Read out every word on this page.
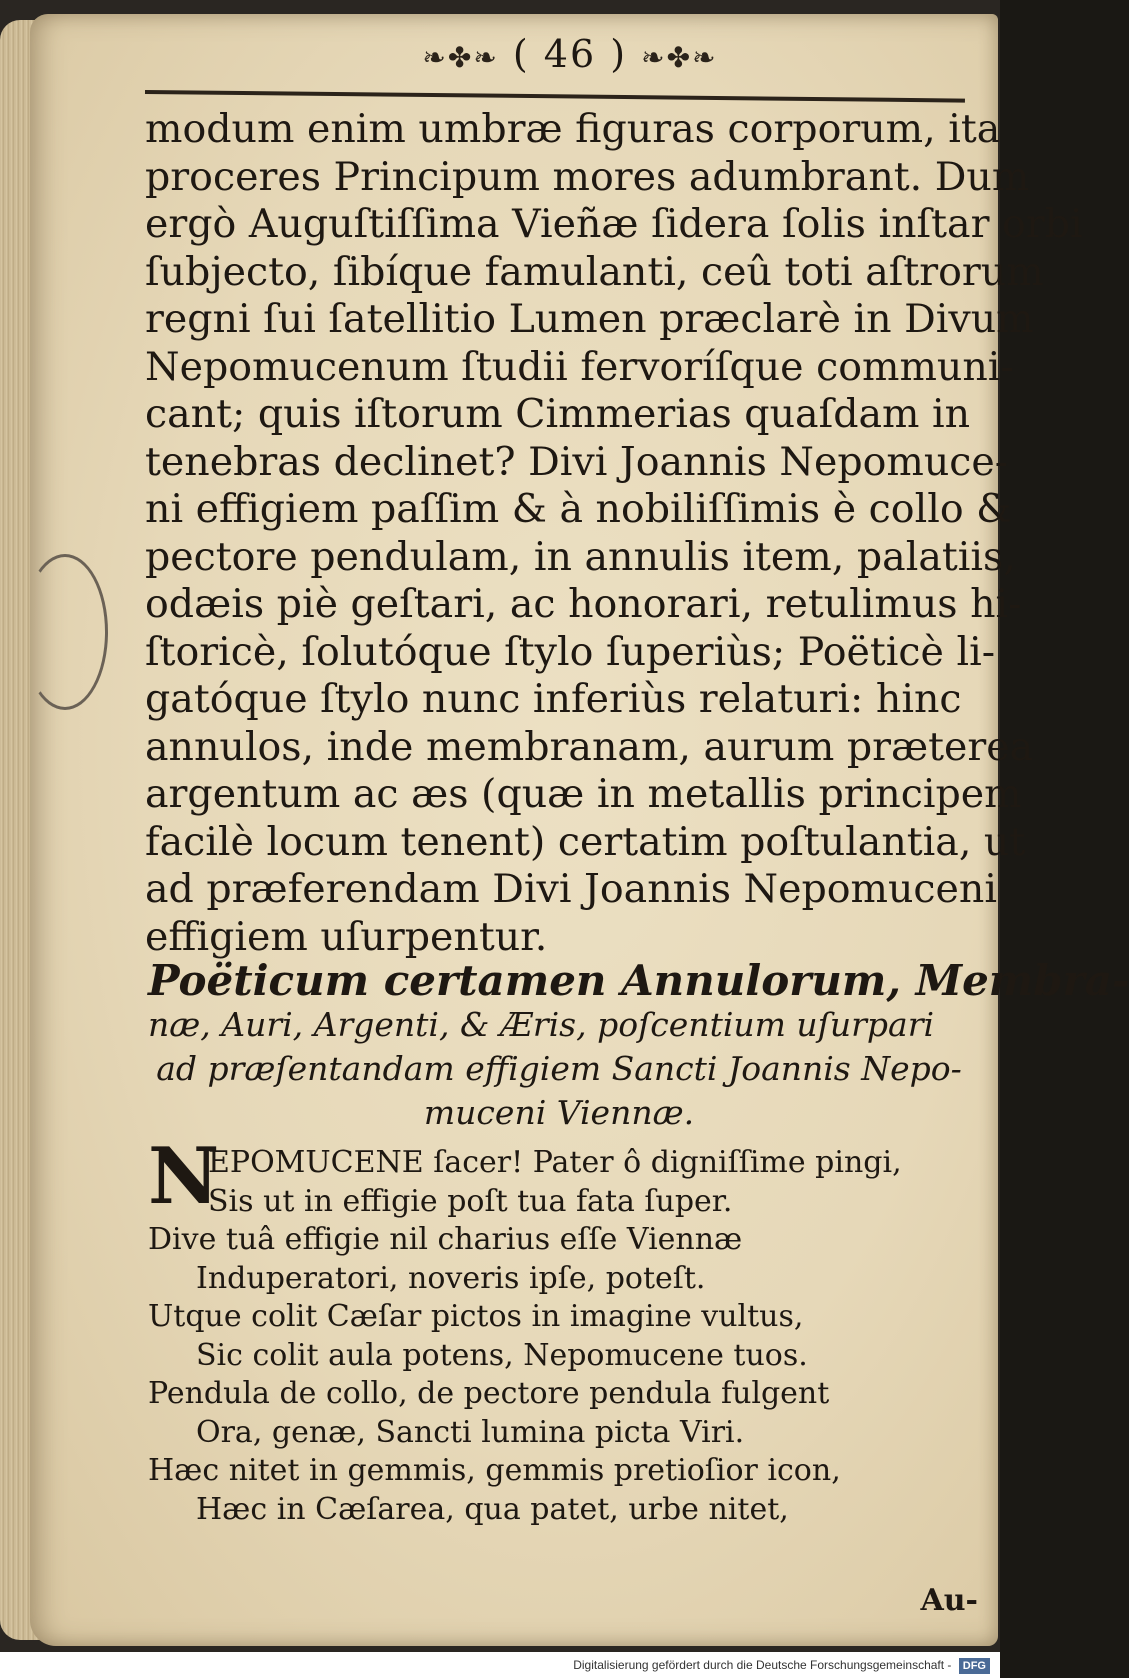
❧✤❧ ( 46 ) ❧✤❧
modum enim umbræ figuras corporum, ita
proceres Principum mores adumbrant. Dum
ergò Auguſtiſſima Viеñæ ſidera ſolis inſtar orbi
ſubjecto, ſibíque famulanti, ceû toti aſtrorum
regni ſui ſatellitio Lumen præclarè in Divum
Nepomucenum ſtudii fervoríſque communi-
cant; quis iſtorum Cimmerias quaſdam in
tenebras declinet? Divi Joannis Nepomuce-
ni effigiem paſſim & à nobiliſſimis è collo &
pectore pendulam, in annulis item, palatiis,
odæis piè geſtari, ac honorari, retulimus hi-
ſtoricè, ſolutóque ſtylo ſuperiùs; Poëticè li-
gatóque ſtylo nunc inferiùs relaturi: hinc
annulos, inde membranam, aurum præterea
argentum ac æs (quæ in metallis principem
facilè locum tenent) certatim poſtulantia, ut
ad præferendam Divi Joannis Nepomuceni
effigiem uſurpentur.
Poëticum certamen Annulorum, Membra-
næ, Auri, Argenti, & Æris, poſcentium uſurpari
ad præſentandam effigiem Sancti Joannis Nepo-
muceni Viennæ.
N
EPOMUCENE ſacer! Pater ô digniſſime pingi,
Sis ut in effigie poſt tua fata ſuper.
Dive tuâ effigie nil charius eſſe Viennæ
Induperatori, noveris ipſe, poteſt.
Utque colit Cæſar pictos in imagine vultus,
Sic colit aula potens, Nepomucene tuos.
Pendula de collo, de pectore pendula fulgent
Ora, genæ, Sancti lumina picta Viri.
Hæc nitet in gemmis, gemmis pretioſior icon,
Hæc in Cæſarea, qua patet, urbe nitet,
Au-
Digitalisierung gefördert durch die Deutsche Forschungsgemeinschaft - DFG
